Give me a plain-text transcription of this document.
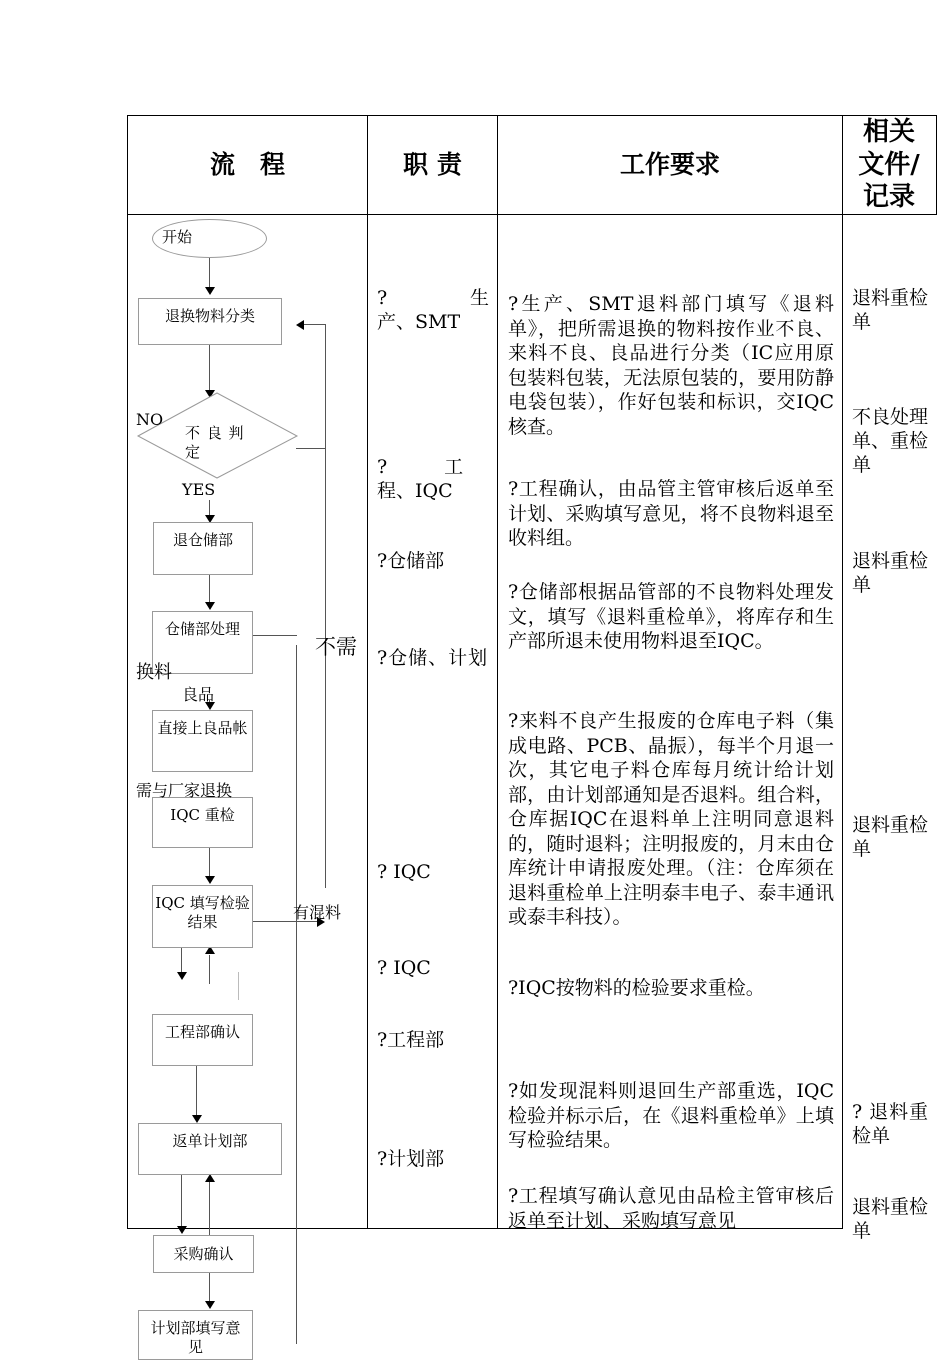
流　程	职 责	工作要求
相关文件/记录
开始
不 良 判 定
退换物料分类
退仓储部
仓储部处理
直接上良品帐
IQC 重检
IQC 填写检验结果
工程部确认
返单计划部
采购确认
计划部填写意见
NO
YES
不需
换料
良品
需与厂家退换
有混料
?　　　生产、SMT
?　　　工程、IQC
?仓储部
?仓储、计划
? IQC
? IQC
?工程部
?计划部
?生产、SMT退料部门填写《退料单》，把所需退换的物料按作业不良、来料不良、良品进行分类（IC应用原包装料包装，无法原包装的，要用防静电袋包装），作好包装和标识，交IQC核查。
?工程确认，由品管主管审核后返单至计划、采购填写意见，将不良物料退至收料组。
?仓储部根据品管部的不良物料处理发文，填写《退料重检单》，将库存和生产部所退未使用物料退至IQC。
?来料不良产生报废的仓库电子料（集成电路、PCB、晶振），每半个月退一次，其它电子料仓库每月统计给计划部，由计划部通知是否退料。组合料，仓库据IQC在退料单上注明同意退料的，随时退料；注明报废的，月末由仓库统计申请报废处理。（注：仓库须在退料重检单上注明泰丰电子、泰丰通讯或泰丰科技）。
?IQC按物料的检验要求重检。
?如发现混料则退回生产部重选，IQC检验并标示后，在《退料重检单》上填写检验结果。
?工程填写确认意见由品检主管审核后返单至计划、采购填写意见
退料重检单
不良处理单、重检单
退料重检单
退料重检单
? 退料重检单
退料重检单
